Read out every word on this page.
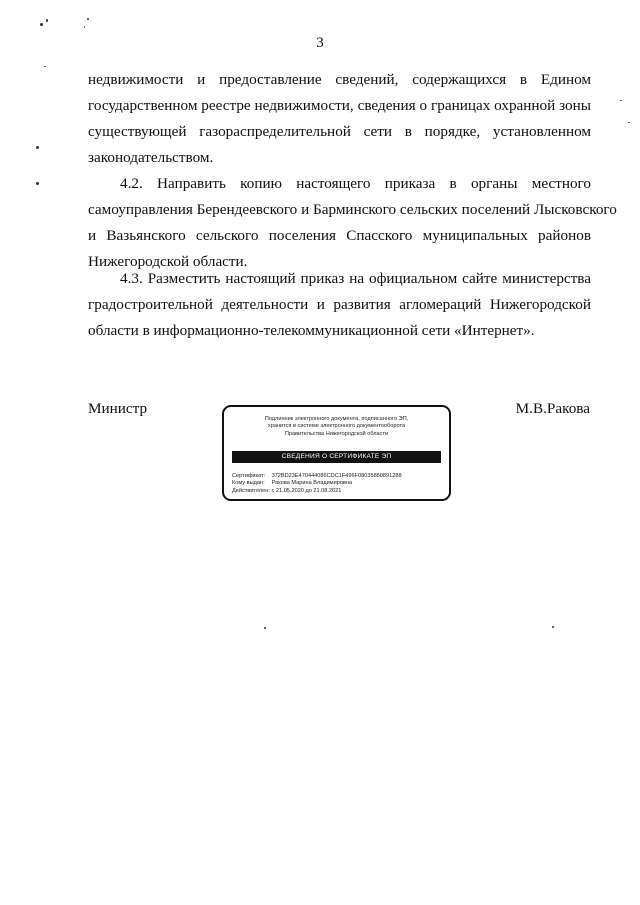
3

недвижимости и предоставление сведений, содержащихся в Едином
государственном реестре недвижимости, сведения о границах охранной зоны
существующей газораспределительной сети в порядке, установленном
законодательством.

4.2. Направить копию настоящего приказа в органы местного
самоуправления Берендеевского и Барминского сельских поселений Лысковского
и Вазьянского сельского поселения Спасского муниципальных районов
Нижегородской области.

4.3. Разместить настоящий приказ на официальном сайте министерства
градостроительной деятельности и развития агломераций Нижегородской
области в информационно-телекоммуникационной сети «Интернет».

Министр	М.В.Ракова
Подлинник электронного документа, подписанного ЭП,
хранится в системе электронного документооборота
Правительства Нижегородской области
СВЕДЕНИЯ О СЕРТИФИКАТЕ ЭП
Сертификат: 372BD23E470444086CDC1F496F08035880891288
Кому выдан: Ракова Марина Владимировна
Действителен: с 21.05.2020 до 21.08.2021
